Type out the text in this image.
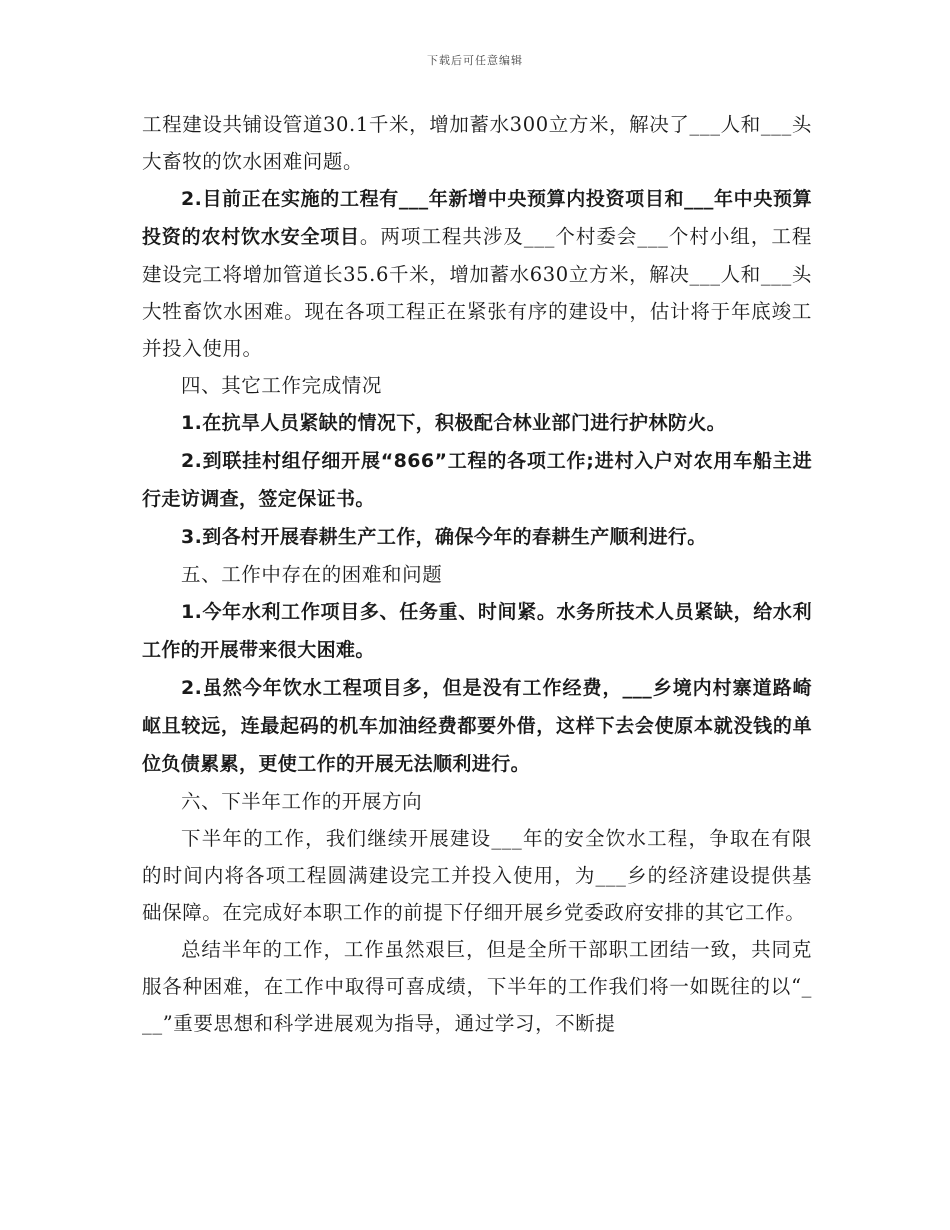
下载后可任意编辑

工程建设共铺设管道30.1千米，增加蓄水300立方米，解决了___人和___头大畜牧的饮水困难问题。

2.目前正在实施的工程有___年新增中央预算内投资项目和___年中央预算投资的农村饮水安全项目。两项工程共涉及___个村委会___个村小组，工程建设完工将增加管道长35.6千米，增加蓄水630立方米，解决___人和___头大牲畜饮水困难。现在各项工程正在紧张有序的建设中，估计将于年底竣工并投入使用。

四、其它工作完成情况

1.在抗旱人员紧缺的情况下，积极配合林业部门进行护林防火。

2.到联挂村组仔细开展“866”工程的各项工作;进村入户对农用车船主进行走访调查，签定保证书。

3.到各村开展春耕生产工作，确保今年的春耕生产顺利进行。

五、工作中存在的困难和问题

1.今年水利工作项目多、任务重、时间紧。水务所技术人员紧缺，给水利工作的开展带来很大困难。

2.虽然今年饮水工程项目多，但是没有工作经费，___乡境内村寨道路崎岖且较远，连最起码的机车加油经费都要外借，这样下去会使原本就没钱的单位负债累累，更使工作的开展无法顺利进行。

六、下半年工作的开展方向

下半年的工作，我们继续开展建设___年的安全饮水工程，争取在有限的时间内将各项工程圆满建设完工并投入使用，为___乡的经济建设提供基础保障。在完成好本职工作的前提下仔细开展乡党委政府安排的其它工作。

总结半年的工作，工作虽然艰巨，但是全所干部职工团结一致，共同克服各种困难，在工作中取得可喜成绩，下半年的工作我们将一如既往的以“___”重要思想和科学进展观为指导，通过学习，不断提
